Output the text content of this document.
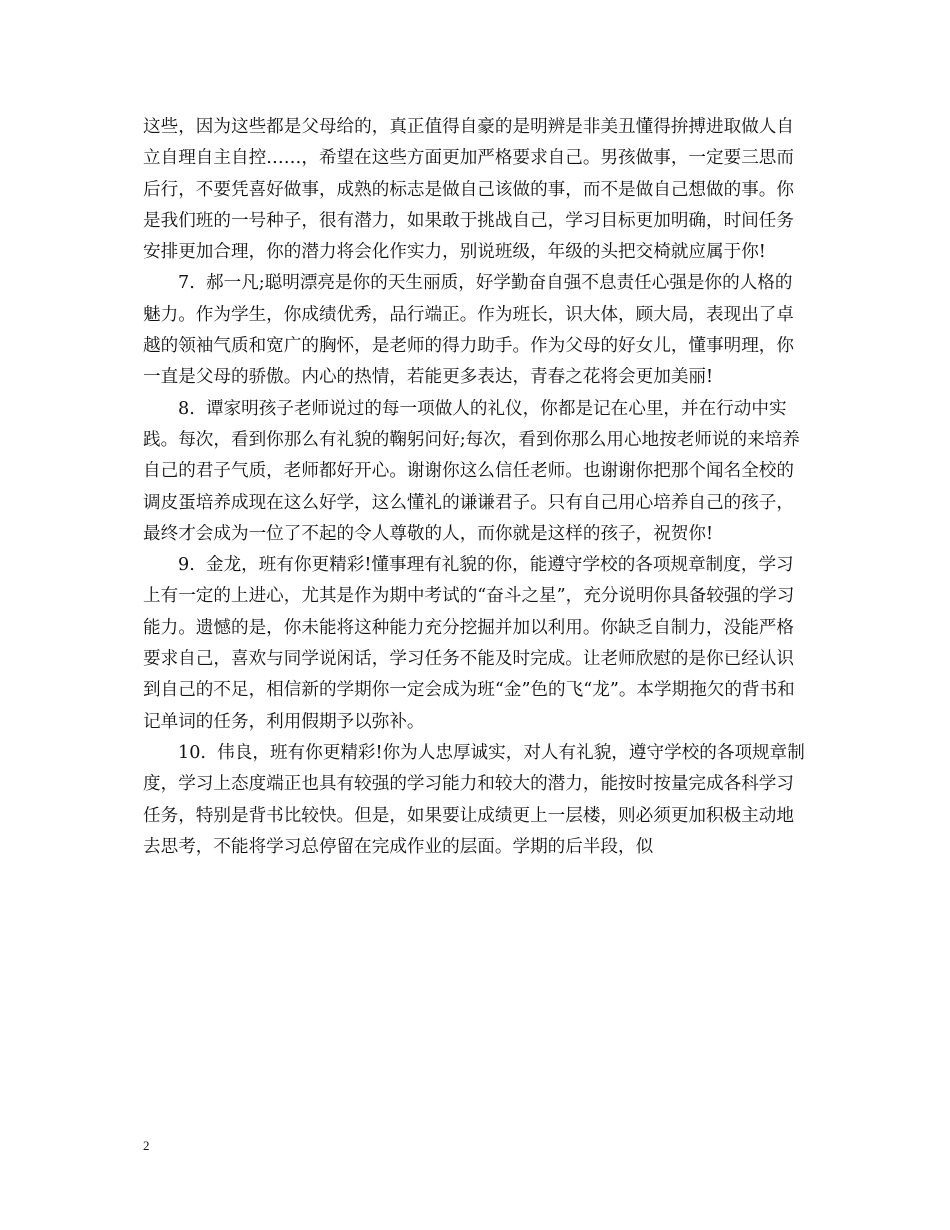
这些，因为这些都是父母给的，真正值得自豪的是明辨是非美丑懂得拚搏进取做人自立自理自主自控……，希望在这些方面更加严格要求自己。男孩做事，一定要三思而后行，不要凭喜好做事，成熟的标志是做自己该做的事，而不是做自己想做的事。你是我们班的一号种子，很有潜力，如果敢于挑战自己，学习目标更加明确，时间任务安排更加合理，你的潜力将会化作实力，别说班级，年级的头把交椅就应属于你!

7.  郝一凡;聪明漂亮是你的天生丽质，好学勤奋自强不息责任心强是你的人格的魅力。作为学生，你成绩优秀，品行端正。作为班长，识大体，顾大局，表现出了卓越的领袖气质和宽广的胸怀，是老师的得力助手。作为父母的好女儿，懂事明理，你一直是父母的骄傲。内心的热情，若能更多表达，青春之花将会更加美丽!

8.  谭家明孩子老师说过的每一项做人的礼仪，你都是记在心里，并在行动中实践。每次，看到你那么有礼貌的鞠躬问好;每次，看到你那么用心地按老师说的来培养自己的君子气质，老师都好开心。谢谢你这么信任老师。也谢谢你把那个闻名全校的调皮蛋培养成现在这么好学，这么懂礼的谦谦君子。只有自己用心培养自己的孩子，最终才会成为一位了不起的令人尊敬的人，而你就是这样的孩子，祝贺你!

9.  金龙，班有你更精彩!懂事理有礼貌的你，能遵守学校的各项规章制度，学习上有一定的上进心，尤其是作为期中考试的“奋斗之星”，充分说明你具备较强的学习能力。遗憾的是，你未能将这种能力充分挖掘并加以利用。你缺乏自制力，没能严格要求自己，喜欢与同学说闲话，学习任务不能及时完成。让老师欣慰的是你已经认识到自己的不足，相信新的学期你一定会成为班“金”色的飞“龙”。本学期拖欠的背书和记单词的任务，利用假期予以弥补。

10.  伟良，班有你更精彩!你为人忠厚诚实，对人有礼貌，遵守学校的各项规章制度，学习上态度端正也具有较强的学习能力和较大的潜力，能按时按量完成各科学习任务，特别是背书比较快。但是，如果要让成绩更上一层楼，则必须更加积极主动地去思考，不能将学习总停留在完成作业的层面。学期的后半段，似

2
